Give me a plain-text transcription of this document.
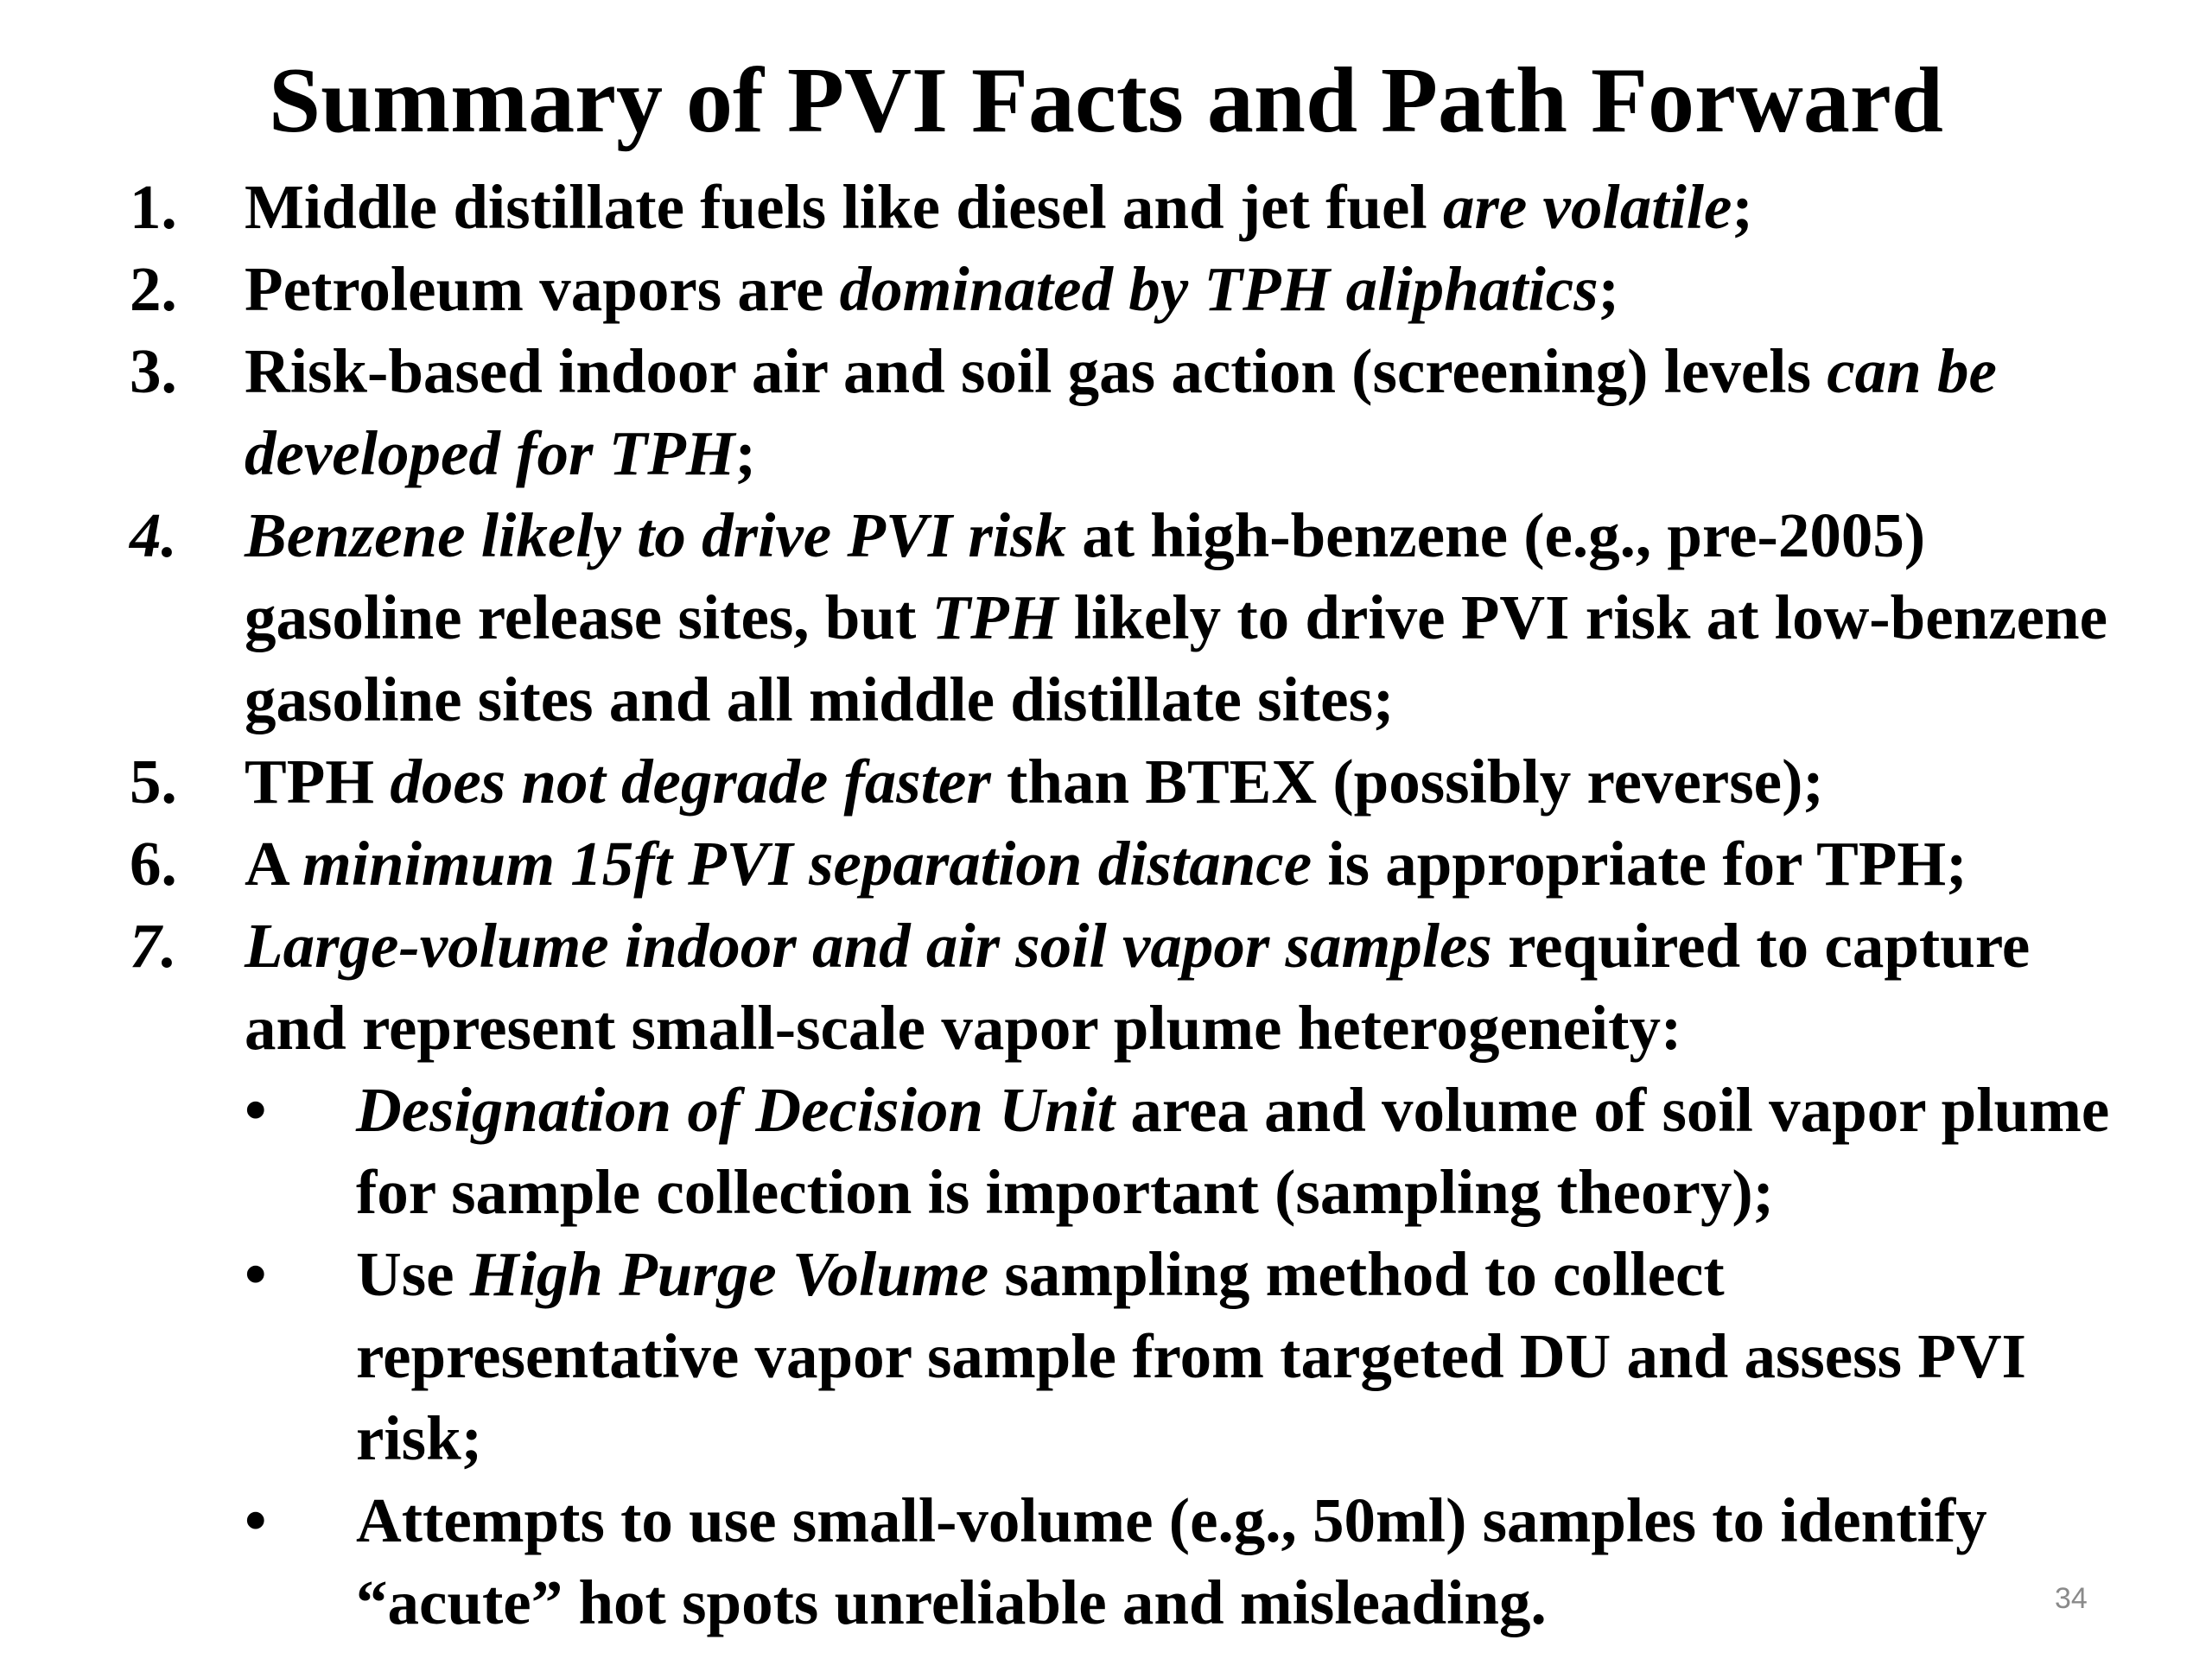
Summary of PVI Facts and Path Forward
1. Middle distillate fuels like diesel and jet fuel are volatile;
2. Petroleum vapors are dominated by TPH aliphatics;
3. Risk-based indoor air and soil gas action (screening) levels can be developed for TPH;
4. Benzene likely to drive PVI risk at high-benzene (e.g., pre-2005) gasoline release sites, but TPH likely to drive PVI risk at low-benzene gasoline sites and all middle distillate sites;
5. TPH does not degrade faster than BTEX (possibly reverse);
6. A minimum 15ft PVI separation distance is appropriate for TPH;
7. Large-volume indoor and air soil vapor samples required to capture and represent small-scale vapor plume heterogeneity:
• Designation of Decision Unit area and volume of soil vapor plume for sample collection is important (sampling theory);
• Use High Purge Volume sampling method to collect representative vapor sample from targeted DU and assess PVI risk;
• Attempts to use small-volume (e.g., 50ml) samples to identify “acute” hot spots unreliable and misleading.	34
